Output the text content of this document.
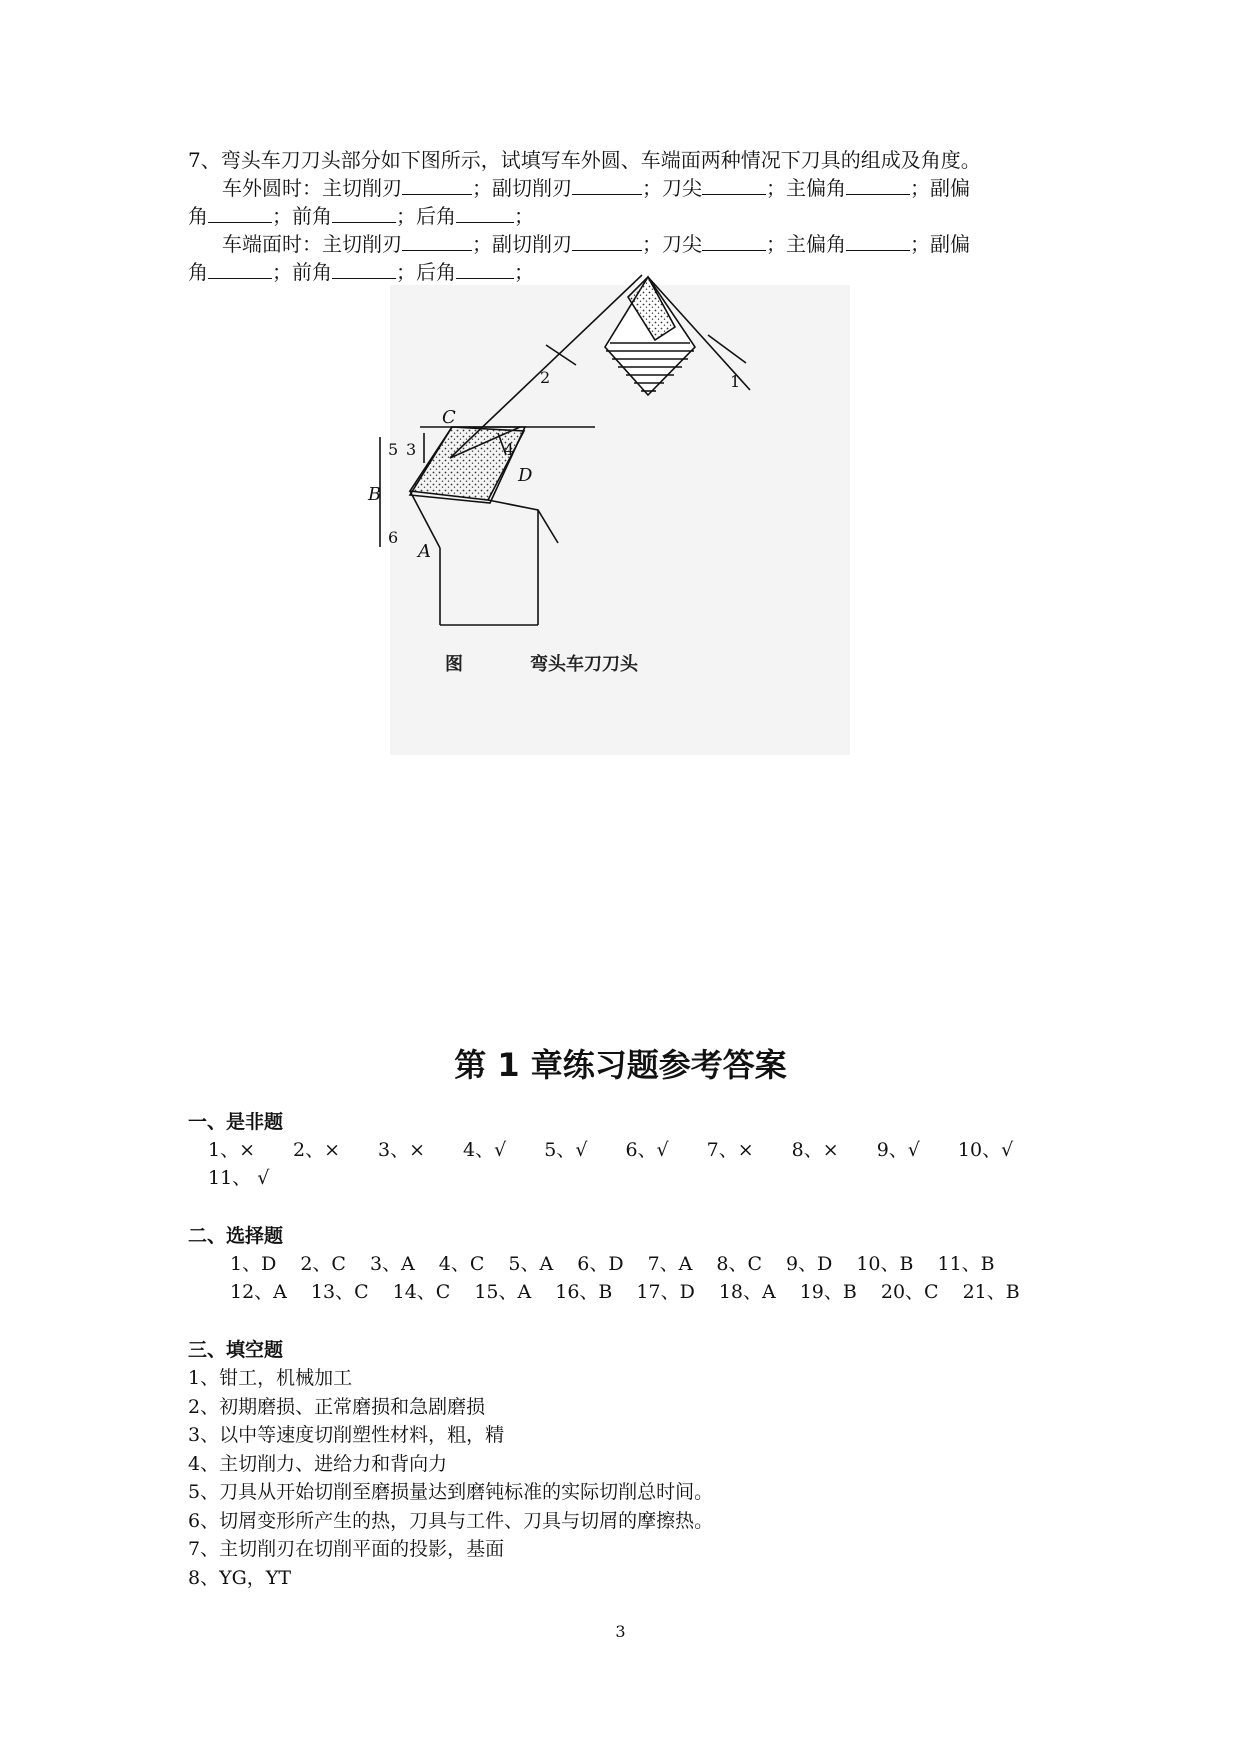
7、弯头车刀刀头部分如下图所示，试填写车外圆、车端面两种情况下刀具的组成及角度。

车外圆时：主切削刃	；副切削刃	；刀尖	；主偏角	；副偏

角	；前角	；后角	；

车端面时：主切削刃	；副切削刃	；刀尖	；主偏角	；副偏

角	；前角	；后角	；

C
D
B
A
1
2
3	4
5
6
图	弯头车刀刀头
第 1 章练习题参考答案
一、是非题

1、× 2、× 3、× 4、√ 5、√ 6、√ 7、× 8、× 9、√ 10、√11、 √

二、选择题

1、D 2、C 3、A 4、C 5、A 6、D 7、A 8、C 9、D 10、B 11、B12、A 13、C 14、C 15、A 16、B 17、D 18、A 19、B 20、C 21、B

三、填空题
1、钳工，机械加工
2、初期磨损、正常磨损和急剧磨损
3、以中等速度切削塑性材料，粗，精
4、主切削力、进给力和背向力
5、刀具从开始切削至磨损量达到磨钝标准的实际切削总时间。
6、切屑变形所产生的热，刀具与工件、刀具与切屑的摩擦热。
7、主切削刃在切削平面的投影，基面
8、YG，YT
3
